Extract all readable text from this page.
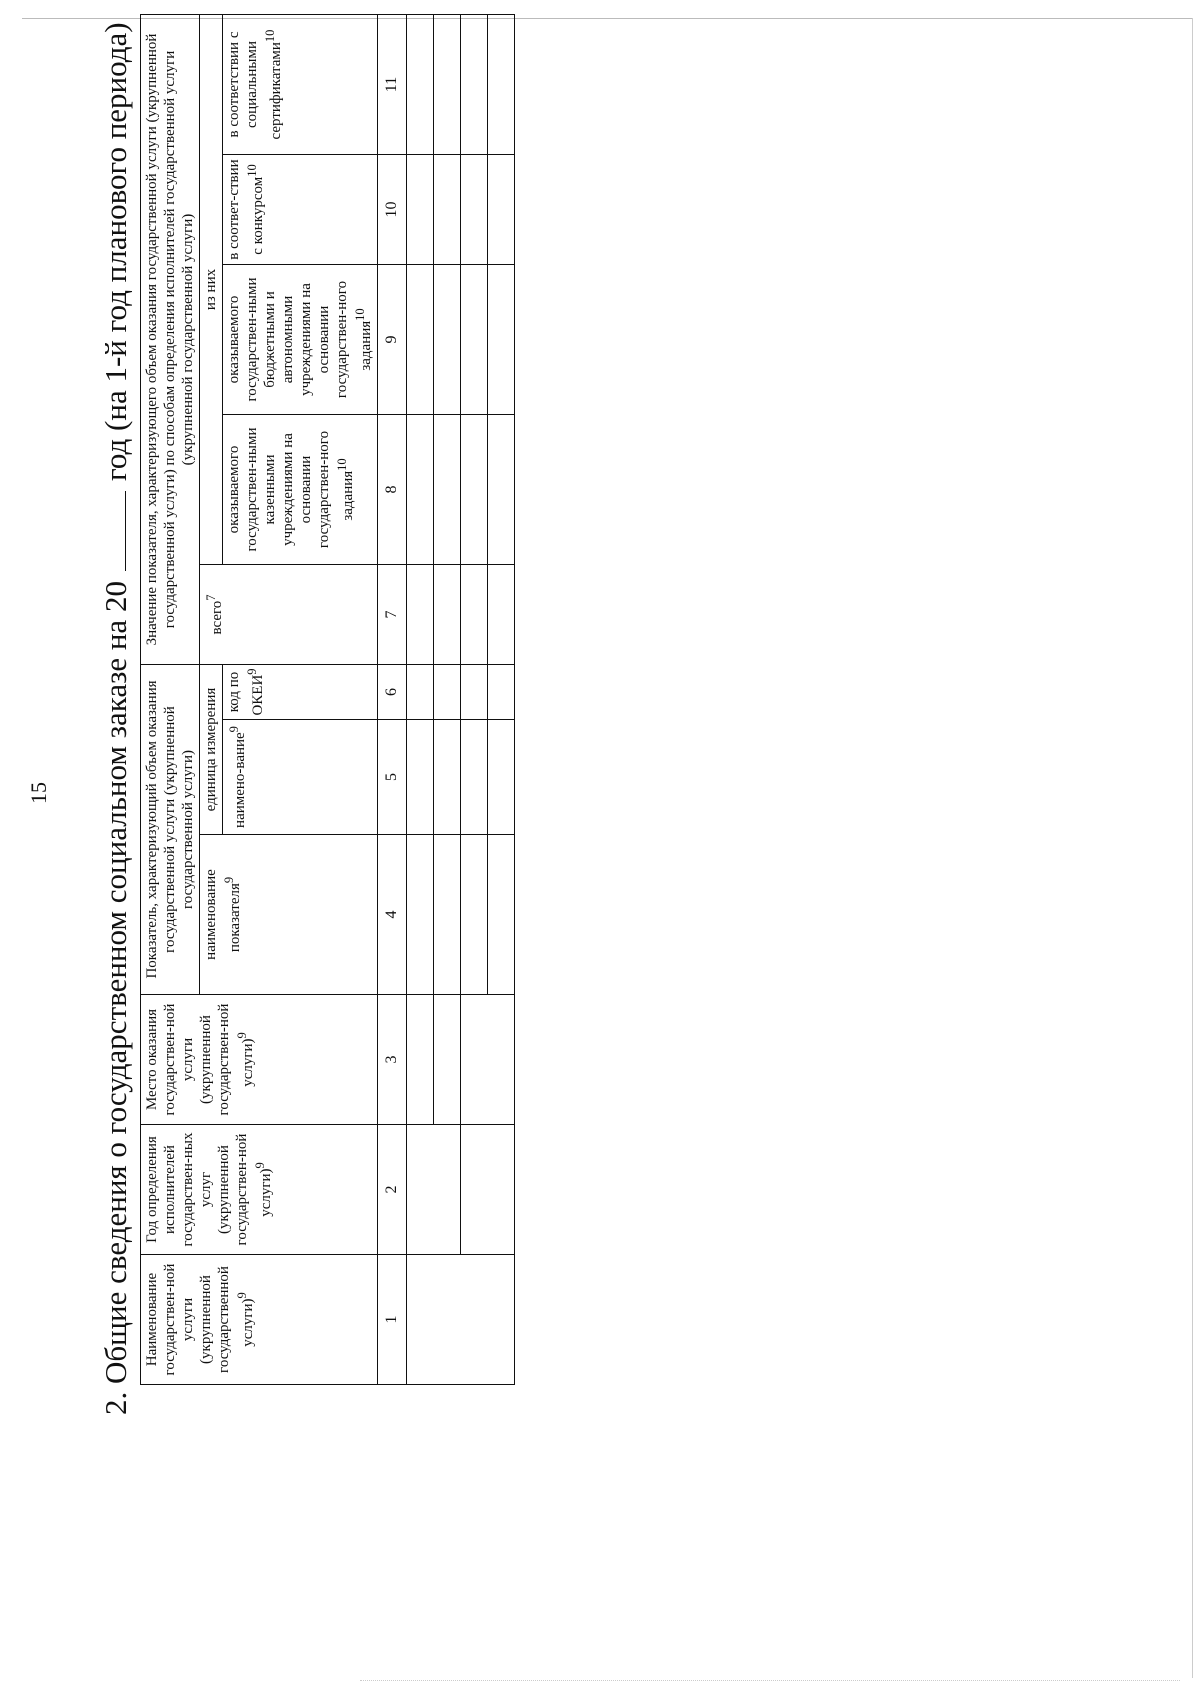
15 2. Общие сведения о государственном социальном заказе на 20год (на 1-й год планового периода)
Наименование государствен-ной услуги (укрупненной государственной услуги)$^9$	Год определения исполнителей государствен-ных услуг (укрупненной государствен-ной услуги)$^9$	Место оказания государствен-ной услуги (укрупненной государствен-ной услуги)$^9$	Показатель, характеризующий объем оказания государственной услуги (укрупненной государственной услуги)			Значение показателя, характеризующего объем оказания государственной услуги (укрупненной государственной услуги) по способам определения исполнителей государственной услуги (укрупненной государственной услуги)				
			наименование показателя$^9$	единица измерения		всего$^7$	из них			
				наимено-вание$^9$	код по ОКЕИ$^9$		оказываемого государствен-ными казенными учреждениями на основании государствен-ного задания$^{10}$	оказываемого государствен-ными бюджетными и автономными учреждениями на основании государствен-ного задания$^{10}$	в соответ-ствии с конкурсом$^{10}$	в соответствии с социальными сертификатами$^{10}$
1	2	3	4	5	6	7	8	9	10	11
